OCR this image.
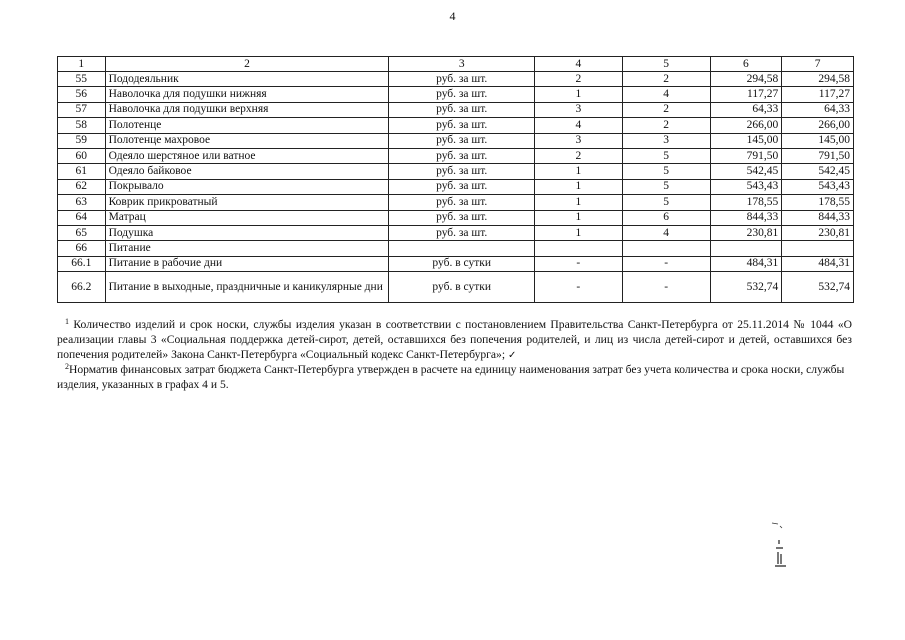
4
1	2	3	4	5	6	7
55	Пододеяльник	руб. за шт.	2	2	294,58	294,58
56	Наволочка для подушки нижняя	руб. за шт.	1	4	117,27	117,27
57	Наволочка для подушки верхняя	руб. за шт.	3	2	64,33	64,33
58	Полотенце	руб. за шт.	4	2	266,00	266,00
59	Полотенце махровое	руб. за шт.	3	3	145,00	145,00
60	Одеяло шерстяное или ватное	руб. за шт.	2	5	791,50	791,50
61	Одеяло байковое	руб. за шт.	1	5	542,45	542,45
62	Покрывало	руб. за шт.	1	5	543,43	543,43
63	Коврик прикроватный	руб. за шт.	1	5	178,55	178,55
64	Матрац	руб. за шт.	1	6	844,33	844,33
65	Подушка	руб. за шт.	1	4	230,81	230,81
66	Питание					
66.1	Питание в рабочие дни	руб. в сутки	-	-	484,31	484,31
66.2	Питание в выходные, праздничные и каникулярные дни	руб. в сутки	-	-	532,74	532,74

$^1$ Количество изделий и срок носки, службы изделия указан в соответствии с постановлением Правительства Санкт-Петербурга от 25.11.2014 № 1044 «О реализации главы 3 «Социальная поддержка детей-сирот, детей, оставшихся без попечения родителей, и лиц из числа детей-сирот и детей, оставшихся без попечения родителей» Закона Санкт-Петербурга «Социальный кодекс Санкт-Петербурга»; ✓

$^2$Норматив финансовых затрат бюджета Санкт-Петербурга утвержден в расчете на единицу наименования затрат без учета количества и срока носки, службы изделия, указанных в графах 4 и 5.
